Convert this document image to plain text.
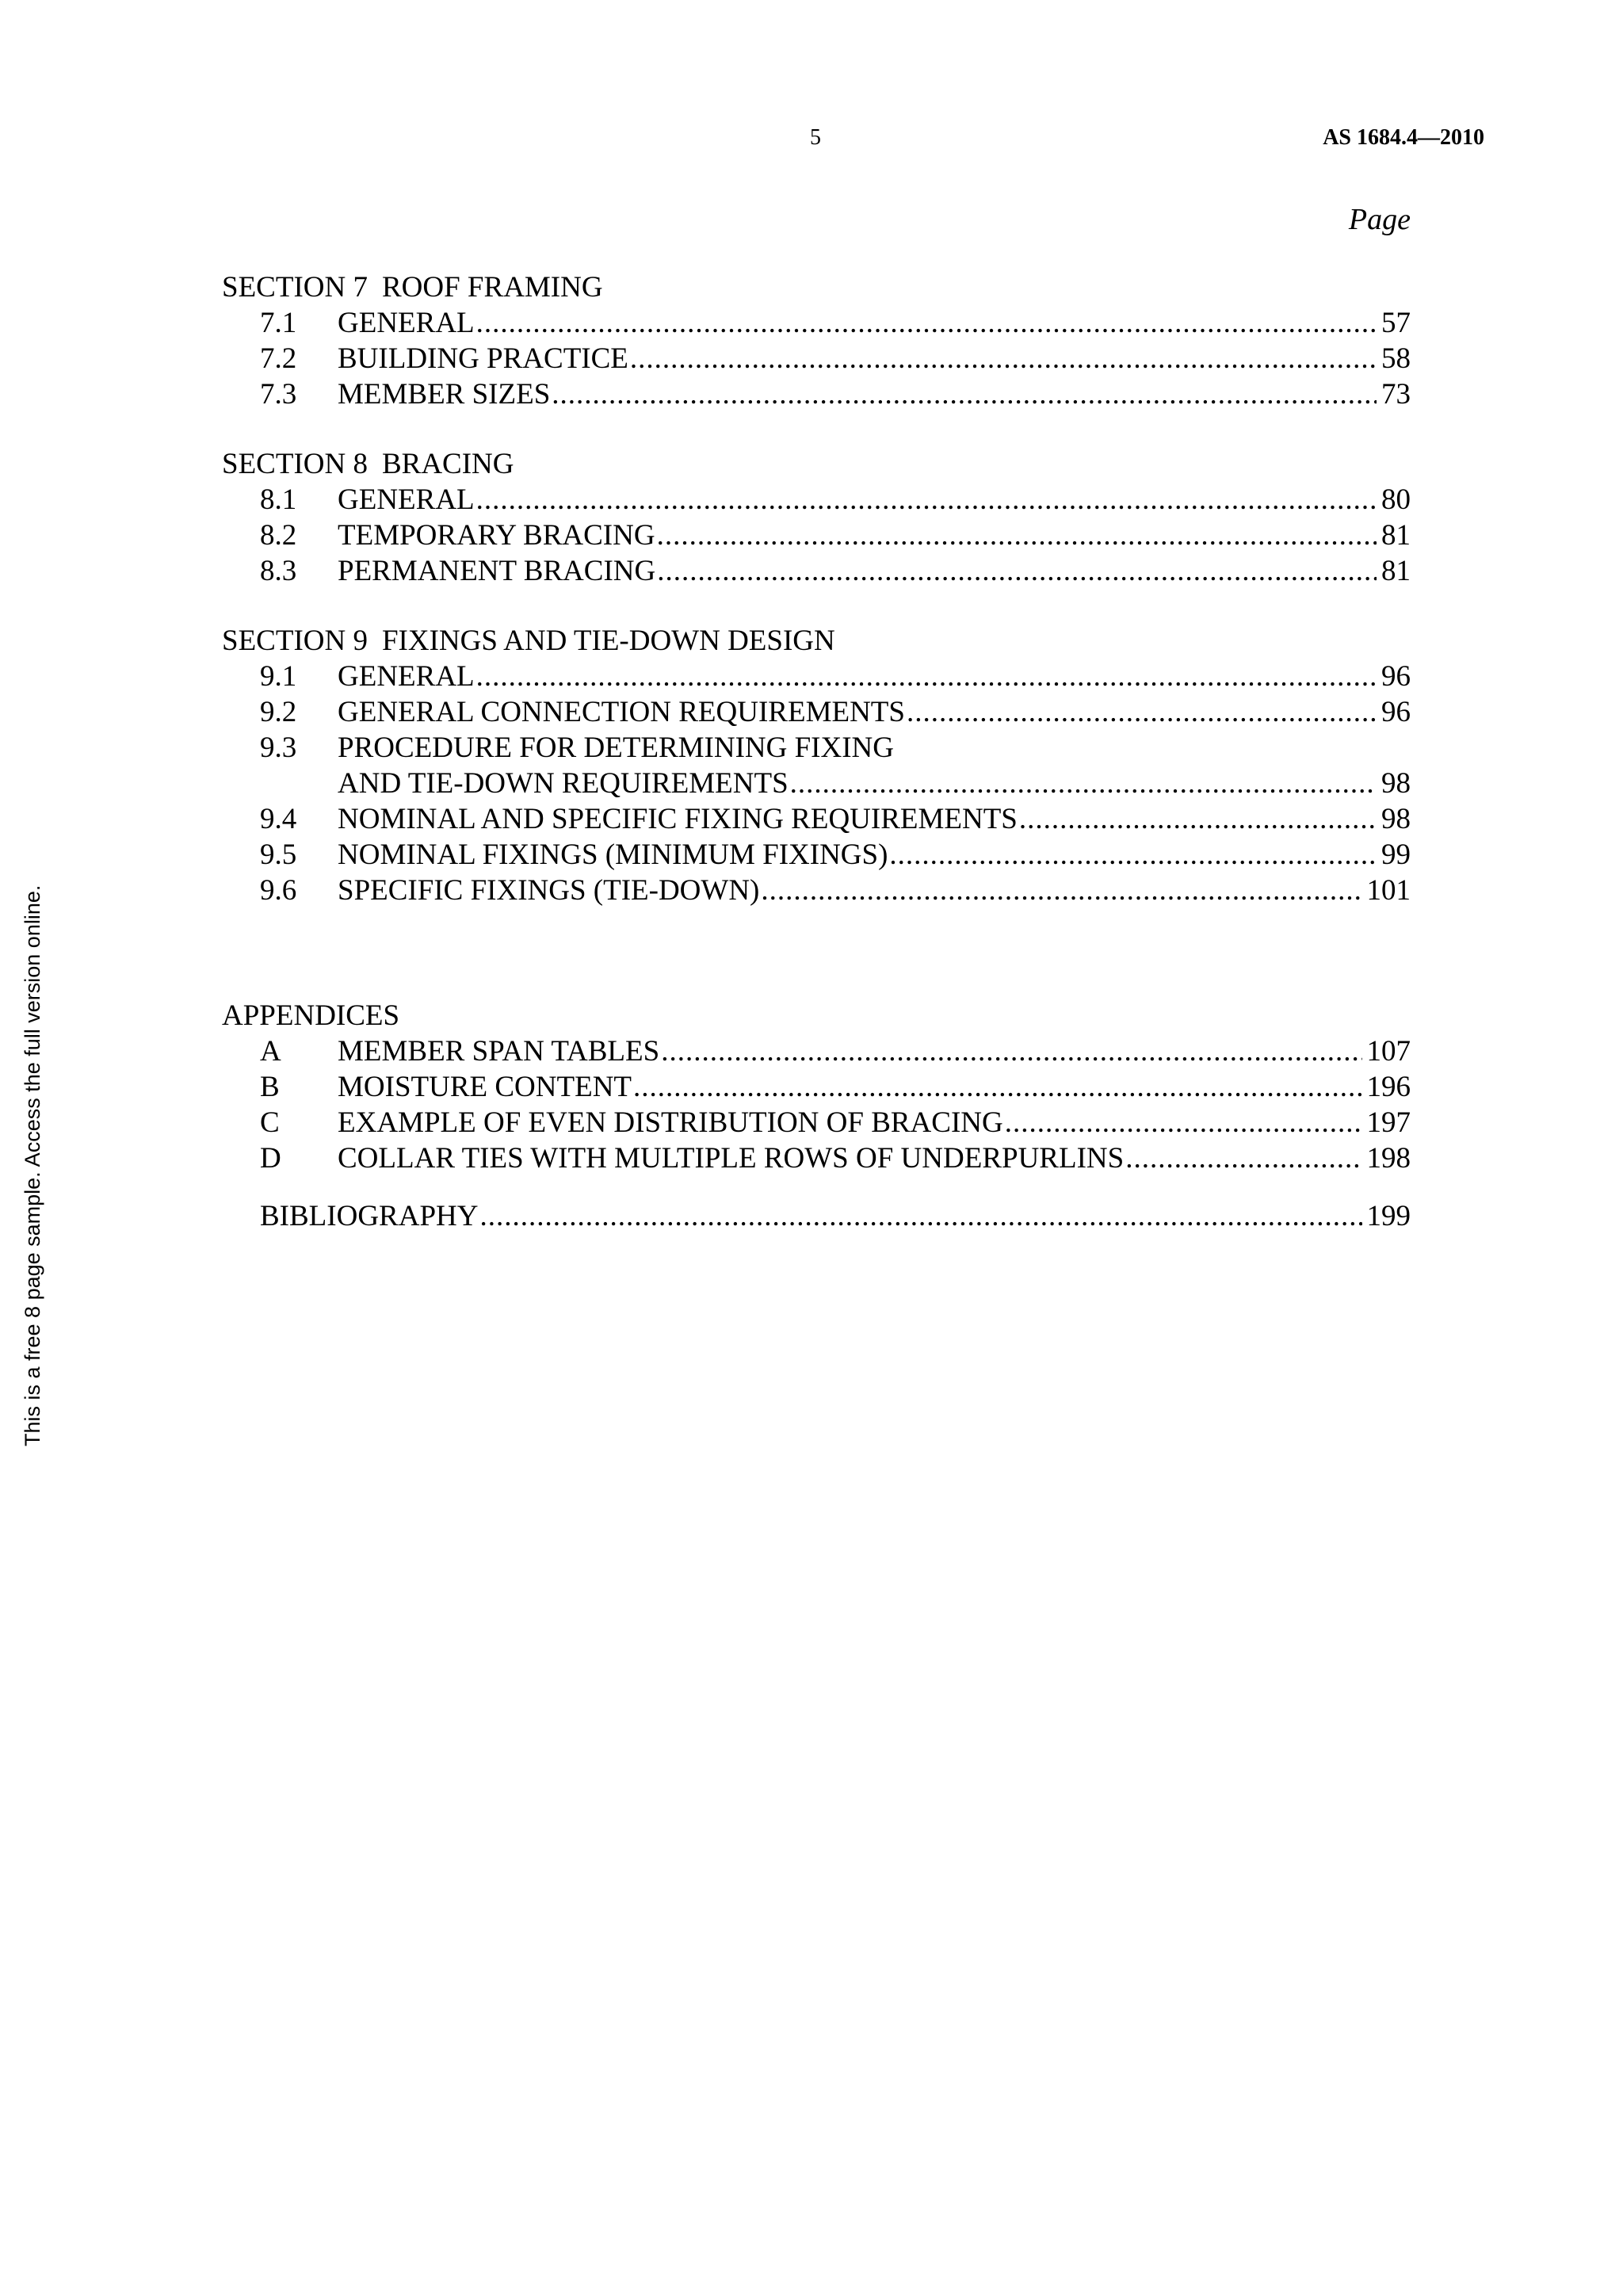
5	AS 1684.4—2010
Page
This is a free 8 page sample. Access the full version online.
SECTION 7 ROOF FRAMING
7.1	GENERAL .....	57
7.2	BUILDING PRACTICE .....	58
7.3	MEMBER SIZES .....	73
SECTION 8 BRACING
8.1	GENERAL .....	80
8.2	TEMPORARY BRACING .....	81
8.3	PERMANENT BRACING .....	81
SECTION 9 FIXINGS AND TIE-DOWN DESIGN
9.1	GENERAL .....	96
9.2	GENERAL CONNECTION REQUIREMENTS .....	96
9.3	PROCEDURE FOR DETERMINING FIXING
AND TIE-DOWN REQUIREMENTS .....	98
9.4	NOMINAL AND SPECIFIC FIXING REQUIREMENTS .....	98
9.5	NOMINAL FIXINGS (MINIMUM FIXINGS) .....	99
9.6	SPECIFIC FIXINGS (TIE-DOWN) .....	101
APPENDICES
A	MEMBER SPAN TABLES .....	107
B	MOISTURE CONTENT .....	196
C	EXAMPLE OF EVEN DISTRIBUTION OF BRACING .....	197
D	COLLAR TIES WITH MULTIPLE ROWS OF UNDERPURLINS .....	198
BIBLIOGRAPHY .....	199
